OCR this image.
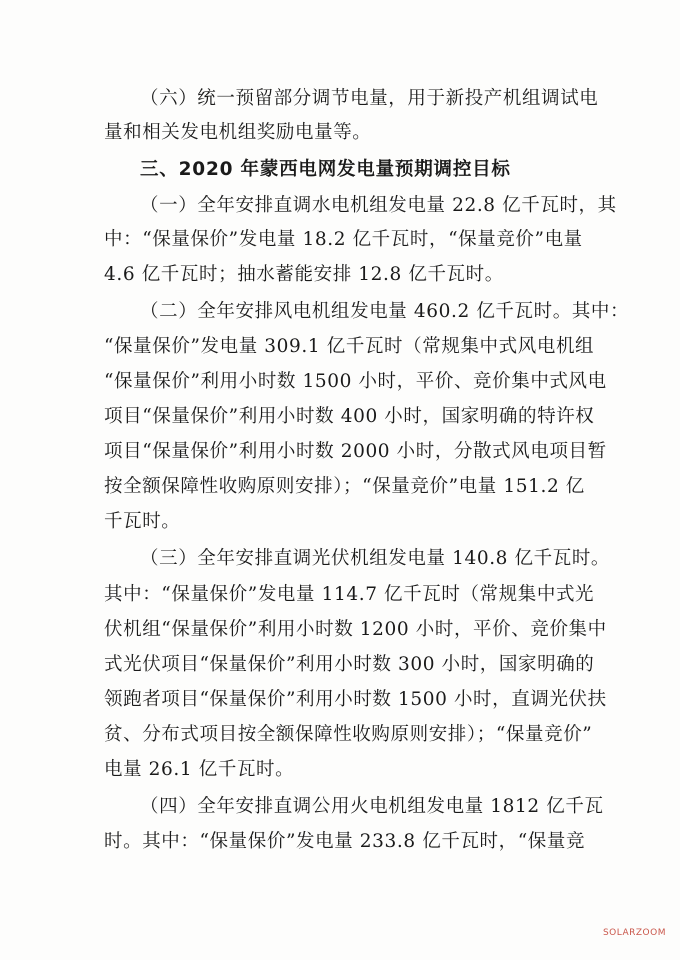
（六）统一预留部分调节电量，用于新投产机组调试电
量和相关发电机组奖励电量等。
三、2020 年蒙西电网发电量预期调控目标
（一）全年安排直调水电机组发电量 22.8 亿千瓦时，其
中：“保量保价”发电量 18.2 亿千瓦时，“保量竞价”电量
4.6 亿千瓦时；抽水蓄能安排 12.8 亿千瓦时。
（二）全年安排风电机组发电量 460.2 亿千瓦时。其中：
“保量保价”发电量 309.1 亿千瓦时（常规集中式风电机组
“保量保价”利用小时数 1500 小时，平价、竞价集中式风电
项目“保量保价”利用小时数 400 小时，国家明确的特许权
项目“保量保价”利用小时数 2000 小时，分散式风电项目暂
按全额保障性收购原则安排）；“保量竞价”电量 151.2 亿
千瓦时。
（三）全年安排直调光伏机组发电量 140.8 亿千瓦时。
其中：“保量保价”发电量 114.7 亿千瓦时（常规集中式光
伏机组“保量保价”利用小时数 1200 小时，平价、竞价集中
式光伏项目“保量保价”利用小时数 300 小时，国家明确的
领跑者项目“保量保价”利用小时数 1500 小时，直调光伏扶
贫、分布式项目按全额保障性收购原则安排）；“保量竞价”
电量 26.1 亿千瓦时。
（四）全年安排直调公用火电机组发电量 1812 亿千瓦
时。其中：“保量保价”发电量 233.8 亿千瓦时，“保量竞
SOLARZOOM
